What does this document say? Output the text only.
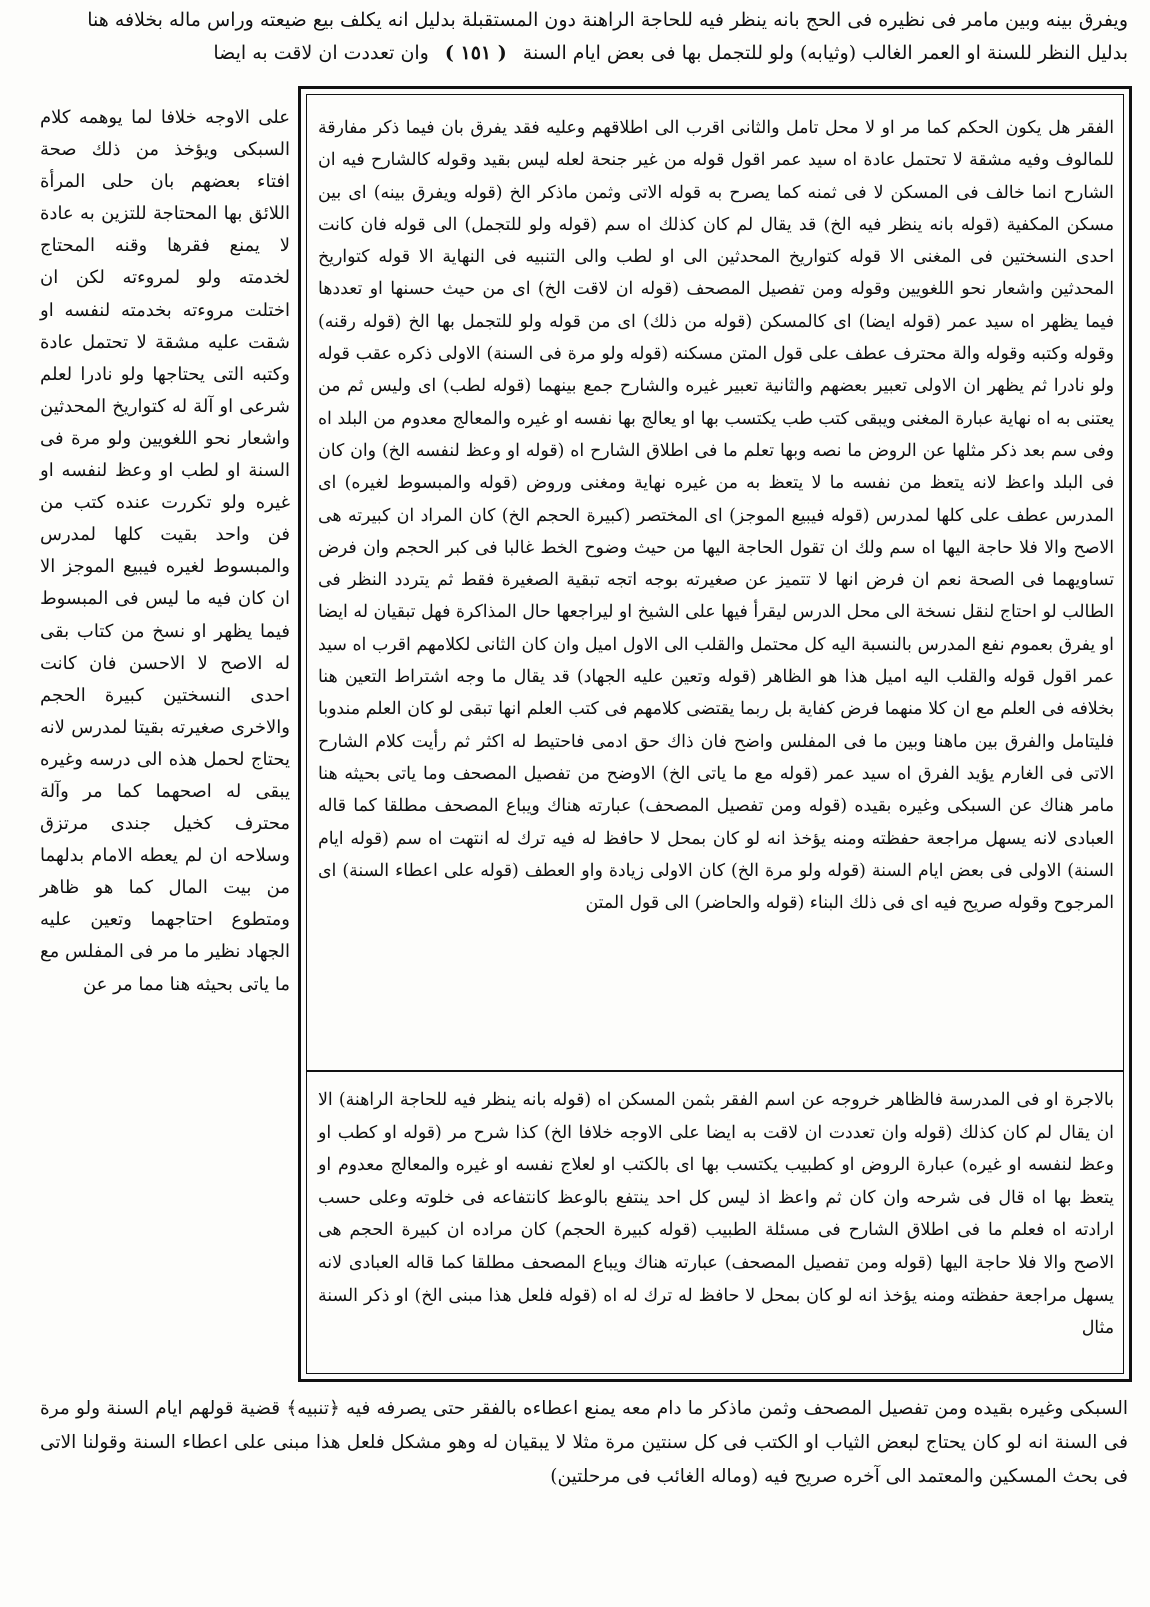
ويفرق بينه وبين مامر فى نظيره فى الحج بانه ينظر فيه للحاجة الراهنة دون المستقبلة بدليل انه يكلف بيع ضيعته وراس ماله بخلافه هنا

بدليل النظر للسنة او العمر الغالب (وثيابه) ولو للتجمل بها فى بعض ايام السنة ( ١٥١ ) وان تعددت ان لاقت به ايضا

الفقر هل يكون الحكم كما مر او لا محل تامل والثانى اقرب الى اطلاقهم وعليه فقد يفرق بان فيما ذكر مفارقة للمالوف وفيه مشقة لا تحتمل عادة اه سيد عمر اقول قوله من غير جنحة لعله ليس بقيد وقوله كالشارح فيه ان الشارح انما خالف فى المسكن لا فى ثمنه كما يصرح به قوله الاتى وثمن ماذكر الخ (قوله ويفرق بينه) اى بين مسكن المكفية (قوله بانه ينظر فيه الخ) قد يقال لم كان كذلك اه سم (قوله ولو للتجمل) الى قوله فان كانت احدى النسختين فى المغنى الا قوله كتواريخ المحدثين الى او لطب والى التنبيه فى النهاية الا قوله كتواريخ المحدثين واشعار نحو اللغويين وقوله ومن تفصيل المصحف (قوله ان لاقت الخ) اى من حيث حسنها او تعددها فيما يظهر اه سيد عمر (قوله ايضا) اى كالمسكن (قوله من ذلك) اى من قوله ولو للتجمل بها الخ (قوله رقنه) وقوله وكتبه وقوله والة محترف عطف على قول المتن مسكنه (قوله ولو مرة فى السنة) الاولى ذكره عقب قوله ولو نادرا ثم يظهر ان الاولى تعبير بعضهم والثانية تعبير غيره والشارح جمع بينهما (قوله لطب) اى وليس ثم من يعتنى به اه نهاية عبارة المغنى ويبقى كتب طب يكتسب بها او يعالج بها نفسه او غيره والمعالج معدوم من البلد اه وفى سم بعد ذكر مثلها عن الروض ما نصه وبها تعلم ما فى اطلاق الشارح اه (قوله او وعظ لنفسه الخ) وان كان فى البلد واعظ لانه يتعظ من نفسه ما لا يتعظ به من غيره نهاية ومغنى وروض (قوله والمبسوط لغيره) اى المدرس عطف على كلها لمدرس (قوله فيبيع الموجز) اى المختصر (كبيرة الحجم الخ) كان المراد ان كبيرته هى الاصح والا فلا حاجة اليها اه سم ولك ان تقول الحاجة اليها من حيث وضوح الخط غالبا فى كبر الحجم وان فرض تساويهما فى الصحة نعم ان فرض انها لا تتميز عن صغيرته بوجه اتجه تبقية الصغيرة فقط ثم يتردد النظر فى الطالب لو احتاج لنقل نسخة الى محل الدرس ليقرأ فيها على الشيخ او ليراجعها حال المذاكرة فهل تبقيان له ايضا او يفرق بعموم نفع المدرس بالنسبة اليه كل محتمل والقلب الى الاول اميل وان كان الثانى لكلامهم اقرب اه سيد عمر اقول قوله والقلب اليه اميل هذا هو الظاهر (قوله وتعين عليه الجهاد) قد يقال ما وجه اشتراط التعين هنا بخلافه فى العلم مع ان كلا منهما فرض كفاية بل ربما يقتضى كلامهم فى كتب العلم انها تبقى لو كان العلم مندوبا فليتامل والفرق بين ماهنا وبين ما فى المفلس واضح فان ذاك حق ادمى فاحتيط له اكثر ثم رأيت كلام الشارح الاتى فى الغارم يؤيد الفرق اه سيد عمر (قوله مع ما ياتى الخ) الاوضح من تفصيل المصحف وما ياتى بحيثه هنا مامر هناك عن السبكى وغيره بقيده (قوله ومن تفصيل المصحف) عبارته هناك ويباع المصحف مطلقا كما قاله العبادى لانه يسهل مراجعة حفظته ومنه يؤخذ انه لو كان بمحل لا حافظ له فيه ترك له انتهت اه سم (قوله ايام السنة) الاولى فى بعض ايام السنة (قوله ولو مرة الخ) كان الاولى زيادة واو العطف (قوله على اعطاء السنة) اى المرجوح وقوله صريح فيه اى فى ذلك البناء (قوله والحاضر) الى قول المتن
بالاجرة او فى المدرسة فالظاهر خروجه عن اسم الفقر بثمن المسكن اه (قوله بانه ينظر فيه للحاجة الراهنة) الا ان يقال لم كان كذلك (قوله وان تعددت ان لاقت به ايضا على الاوجه خلافا الخ) كذا شرح مر (قوله او كطب او وعظ لنفسه او غيره) عبارة الروض او كطبيب يكتسب بها اى بالكتب او لعلاج نفسه او غيره والمعالج معدوم او يتعظ بها اه قال فى شرحه وان كان ثم واعظ اذ ليس كل احد ينتفع بالوعظ كانتفاعه فى خلوته وعلى حسب ارادته اه فعلم ما فى اطلاق الشارح فى مسئلة الطبيب (قوله كبيرة الحجم) كان مراده ان كبيرة الحجم هى الاصح والا فلا حاجة اليها (قوله ومن تفصيل المصحف) عبارته هناك ويباع المصحف مطلقا كما قاله العبادى لانه يسهل مراجعة حفظته ومنه يؤخذ انه لو كان بمحل لا حافظ له ترك له اه (قوله فلعل هذا مبنى الخ) او ذكر السنة مثال
على الاوجه خلافا لما يوهمه كلام السبكى ويؤخذ من ذلك صحة افتاء بعضهم بان حلى المرأة اللائق بها المحتاجة للتزين به عادة لا يمنع فقرها وقنه المحتاج لخدمته ولو لمروءته لكن ان اختلت مروءته بخدمته لنفسه او شقت عليه مشقة لا تحتمل عادة وكتبه التى يحتاجها ولو نادرا لعلم شرعى او آلة له كتواريخ المحدثين واشعار نحو اللغويين ولو مرة فى السنة او لطب او وعظ لنفسه او غيره ولو تكررت عنده كتب من فن واحد بقيت كلها لمدرس والمبسوط لغيره فيبيع الموجز الا ان كان فيه ما ليس فى المبسوط فيما يظهر او نسخ من كتاب بقى له الاصح لا الاحسن فان كانت احدى النسختين كبيرة الحجم والاخرى صغيرته بقيتا لمدرس لانه يحتاج لحمل هذه الى درسه وغيره يبقى له اصحهما كما مر وآلة محترف كخيل جندى مرتزق وسلاحه ان لم يعطه الامام بدلهما من بيت المال كما هو ظاهر ومتطوع احتاجهما وتعين عليه الجهاد نظير ما مر فى المفلس مع ما ياتى بحيثه هنا مما مر عن
السبكى وغيره بقيده ومن تفصيل المصحف وثمن ماذكر ما دام معه يمنع اعطاءه بالفقر حتى يصرفه فيه ﴿تنبيه﴾ قضية قولهم ايام السنة ولو مرة فى السنة انه لو كان يحتاج لبعض الثياب او الكتب فى كل سنتين مرة مثلا لا يبقيان له وهو مشكل فلعل هذا مبنى على اعطاء السنة وقولنا الاتى فى بحث المسكين والمعتمد الى آخره صريح فيه (وماله الغائب فى مرحلتين)
